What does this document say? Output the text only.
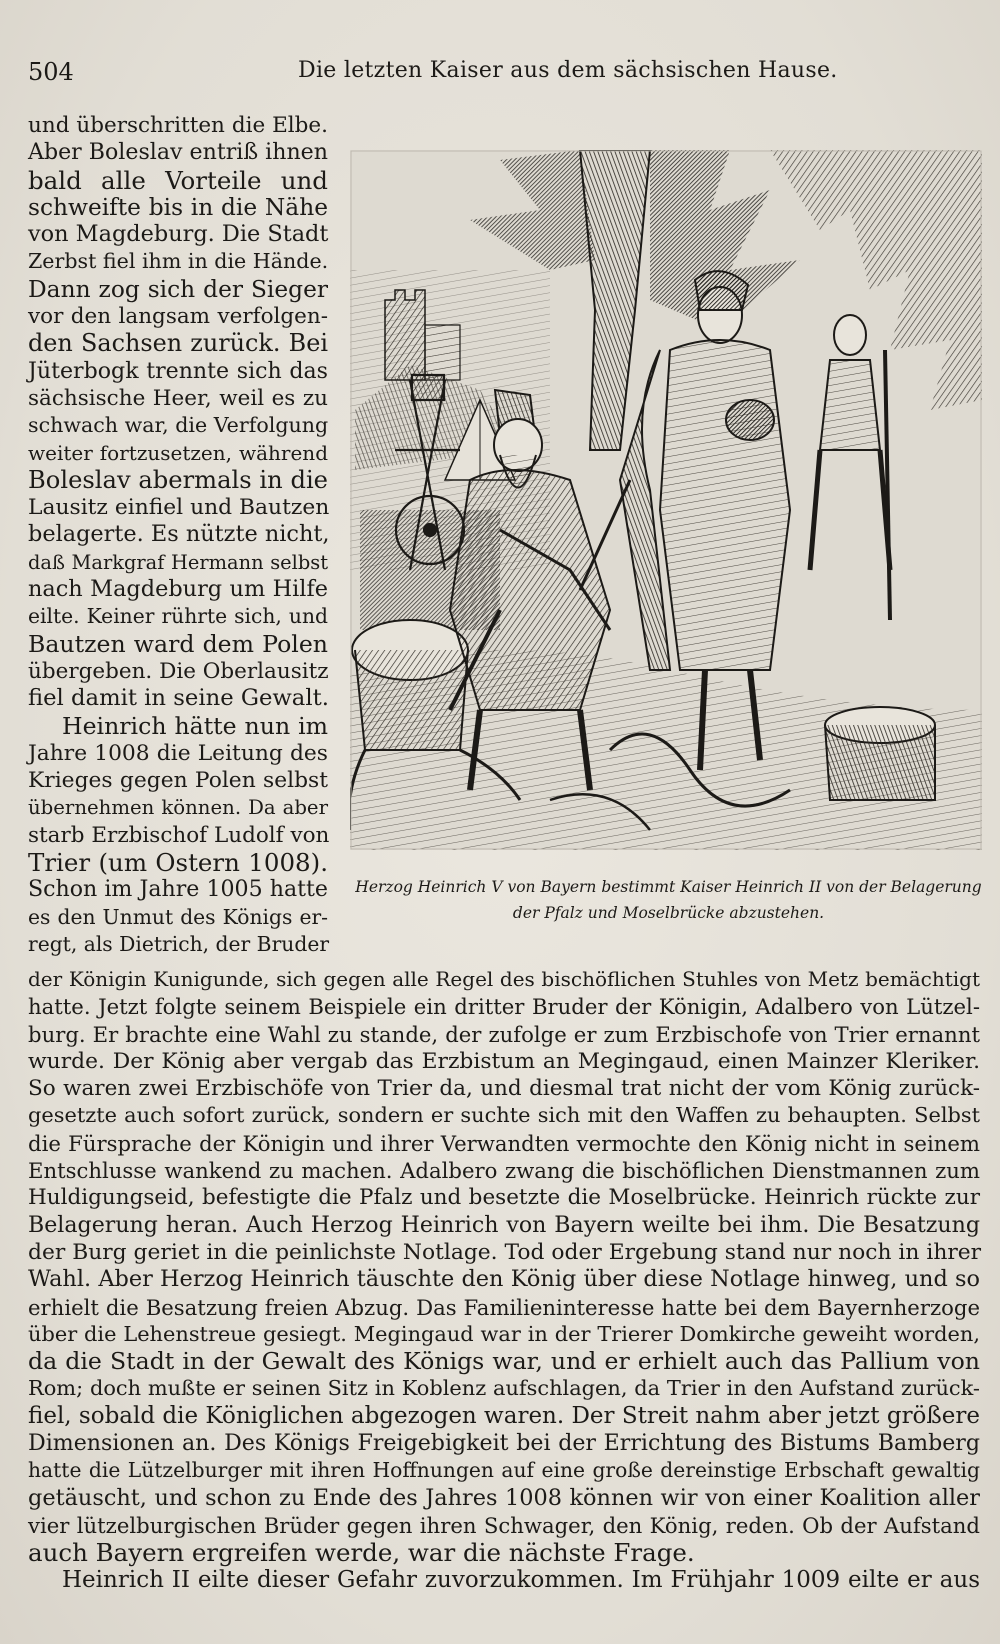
504	Die letzten Kaiser aus dem sächsischen Hause.
und überschritten die Elbe.
Aber Boleslav entriß ihnen
bald alle Vorteile und
schweifte bis in die Nähe
von Magdeburg. Die Stadt
Zerbst fiel ihm in die Hände.
Dann zog sich der Sieger
vor den langsam verfolgen-
den Sachsen zurück. Bei
Jüterbogk trennte sich das
sächsische Heer, weil es zu
schwach war, die Verfolgung
weiter fortzusetzen, während
Boleslav abermals in die
Lausitz einfiel und Bautzen
belagerte. Es nützte nicht,
daß Markgraf Hermann selbst
nach Magdeburg um Hilfe
eilte. Keiner rührte sich, und
Bautzen ward dem Polen
übergeben. Die Oberlausitz
fiel damit in seine Gewalt.
Heinrich hätte nun im
Jahre 1008 die Leitung des
Krieges gegen Polen selbst
übernehmen können. Da aber
starb Erzbischof Ludolf von
Trier (um Ostern 1008).
Schon im Jahre 1005 hatte
es den Unmut des Königs er-
regt, als Dietrich, der Bruder
Herzog Heinrich V von Bayern bestimmt Kaiser Heinrich II von der Belagerung
der Pfalz und Moselbrücke abzustehen.
der Königin Kunigunde, sich gegen alle Regel des bischöflichen Stuhles von Metz bemächtigt
hatte. Jetzt folgte seinem Beispiele ein dritter Bruder der Königin, Adalbero von Lützel-
burg. Er brachte eine Wahl zu stande, der zufolge er zum Erzbischofe von Trier ernannt
wurde. Der König aber vergab das Erzbistum an Megingaud, einen Mainzer Kleriker.
So waren zwei Erzbischöfe von Trier da, und diesmal trat nicht der vom König zurück-
gesetzte auch sofort zurück, sondern er suchte sich mit den Waffen zu behaupten. Selbst
die Fürsprache der Königin und ihrer Verwandten vermochte den König nicht in seinem
Entschlusse wankend zu machen. Adalbero zwang die bischöflichen Dienstmannen zum
Huldigungseid, befestigte die Pfalz und besetzte die Moselbrücke. Heinrich rückte zur
Belagerung heran. Auch Herzog Heinrich von Bayern weilte bei ihm. Die Besatzung
der Burg geriet in die peinlichste Notlage. Tod oder Ergebung stand nur noch in ihrer
Wahl. Aber Herzog Heinrich täuschte den König über diese Notlage hinweg, und so
erhielt die Besatzung freien Abzug. Das Familieninteresse hatte bei dem Bayernherzoge
über die Lehenstreue gesiegt. Megingaud war in der Trierer Domkirche geweiht worden,
da die Stadt in der Gewalt des Königs war, und er erhielt auch das Pallium von
Rom; doch mußte er seinen Sitz in Koblenz aufschlagen, da Trier in den Aufstand zurück-
fiel, sobald die Königlichen abgezogen waren. Der Streit nahm aber jetzt größere
Dimensionen an. Des Königs Freigebigkeit bei der Errichtung des Bistums Bamberg
hatte die Lützelburger mit ihren Hoffnungen auf eine große dereinstige Erbschaft gewaltig
getäuscht, und schon zu Ende des Jahres 1008 können wir von einer Koalition aller
vier lützelburgischen Brüder gegen ihren Schwager, den König, reden. Ob der Aufstand
auch Bayern ergreifen werde, war die nächste Frage.
Heinrich II eilte dieser Gefahr zuvorzukommen. Im Frühjahr 1009 eilte er aus
